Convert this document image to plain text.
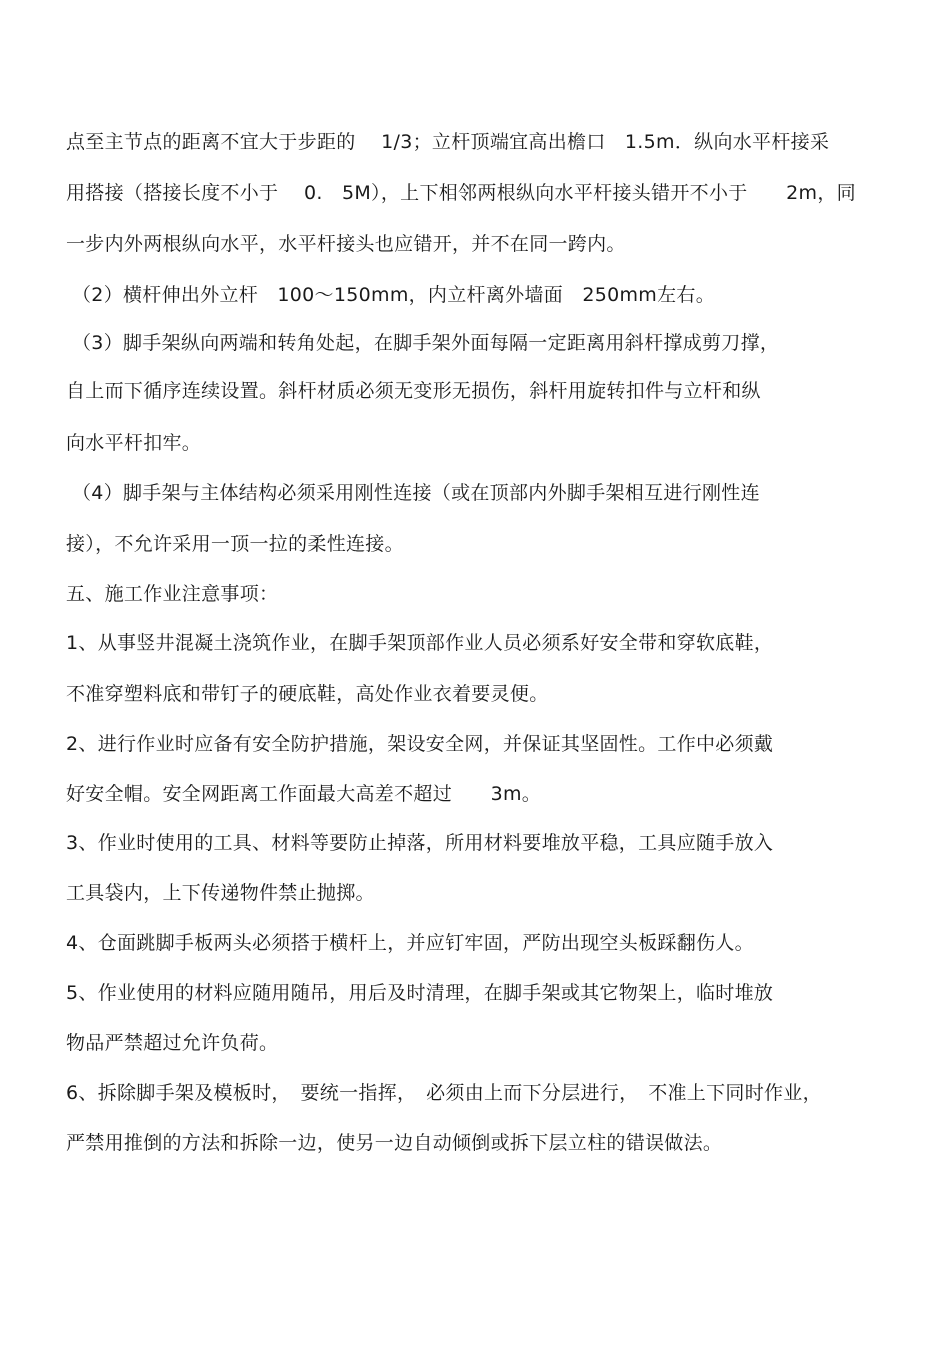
点至主节点的距离不宜大于步距的　 1/3；立杆顶端宜高出檐口　1.5m．纵向水平杆接采
用搭接（搭接长度不小于　 0.　5M），上下相邻两根纵向水平杆接头错开不小于　　2m，同
一步内外两根纵向水平，水平杆接头也应错开，并不在同一跨内。
（2）横杆伸出外立杆　100～150mm，内立杆离外墙面　250mm左右。
（3）脚手架纵向两端和转角处起，在脚手架外面每隔一定距离用斜杆撑成剪刀撑，
自上而下循序连续设置。斜杆材质必须无变形无损伤，斜杆用旋转扣件与立杆和纵
向水平杆扣牢。
（4）脚手架与主体结构必须采用刚性连接（或在顶部内外脚手架相互进行刚性连
接），不允许采用一顶一拉的柔性连接。
五、施工作业注意事项：
1、从事竖井混凝土浇筑作业，在脚手架顶部作业人员必须系好安全带和穿软底鞋，
不准穿塑料底和带钉子的硬底鞋，高处作业衣着要灵便。
2、进行作业时应备有安全防护措施，架设安全网，并保证其坚固性。工作中必须戴
好安全帽。安全网距离工作面最大高差不超过　　3m。
3、作业时使用的工具、材料等要防止掉落，所用材料要堆放平稳，工具应随手放入
工具袋内，上下传递物件禁止抛掷。
4、仓面跳脚手板两头必须搭于横杆上，并应钉牢固，严防出现空头板踩翻伤人。
5、作业使用的材料应随用随吊，用后及时清理，在脚手架或其它物架上，临时堆放
物品严禁超过允许负荷。
6、拆除脚手架及模板时，　要统一指挥，　必须由上而下分层进行，　不准上下同时作业，
严禁用推倒的方法和拆除一边，使另一边自动倾倒或拆下层立柱的错误做法。
